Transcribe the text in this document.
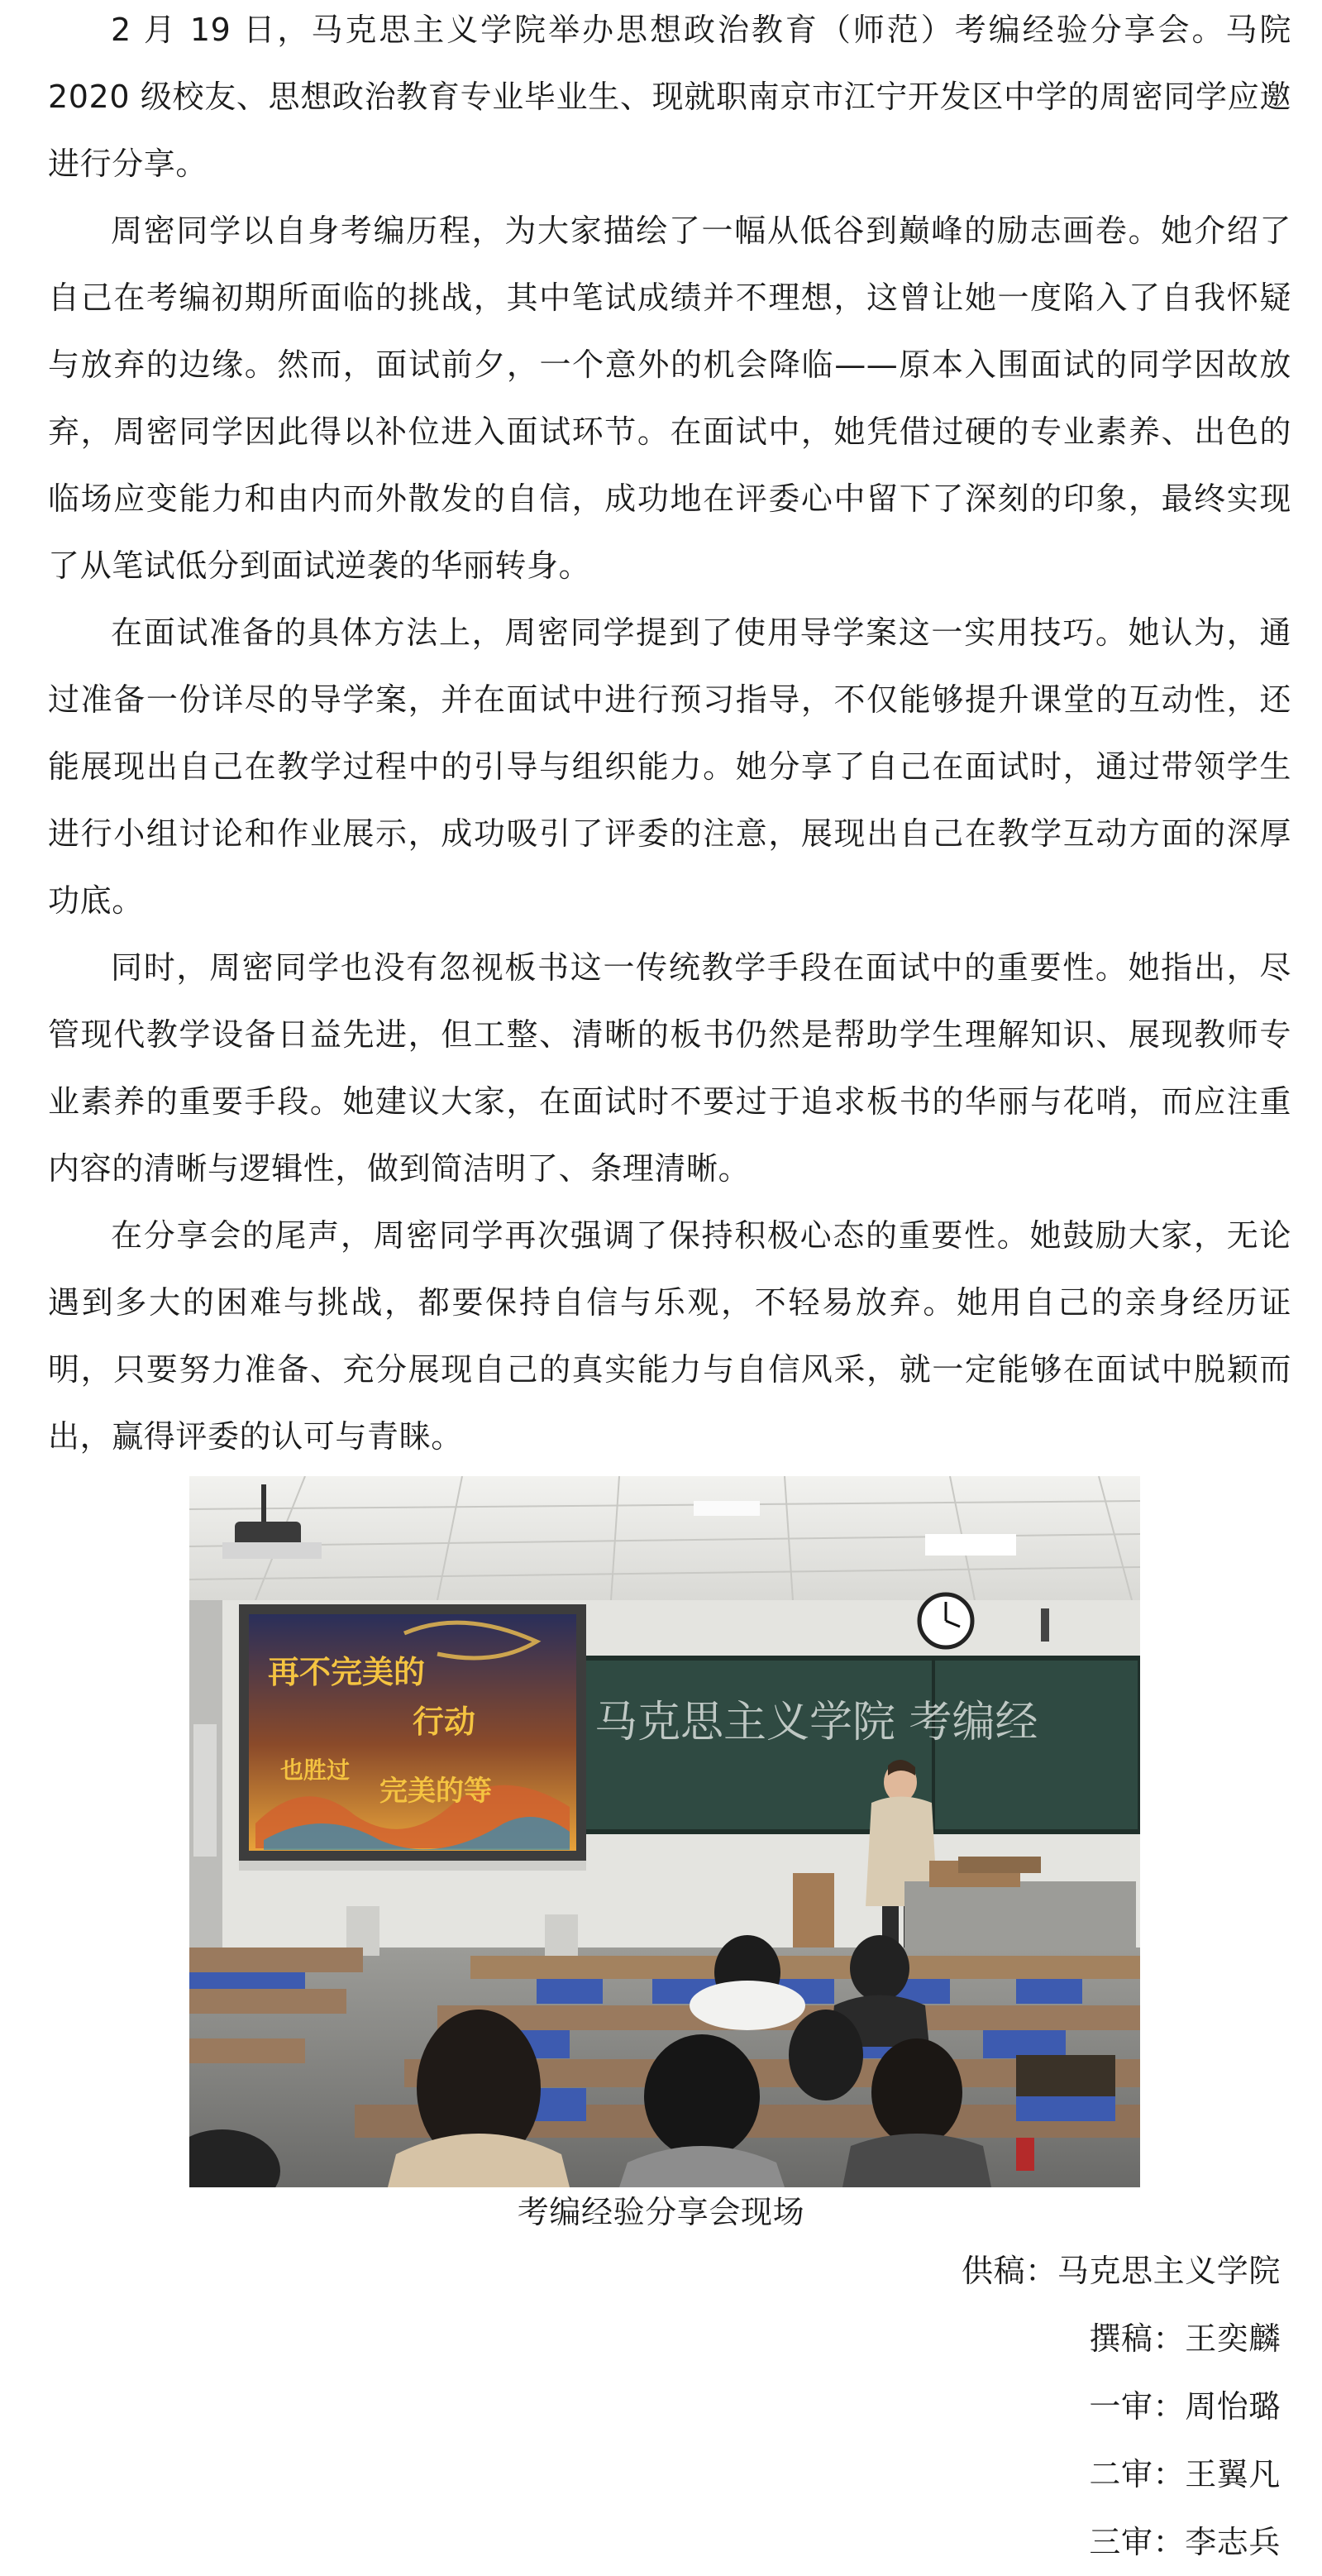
2 月 19 日，马克思主义学院举办思想政治教育（师范）考编经验分享会。马院 2020 级校友、思想政治教育专业毕业生、现就职南京市江宁开发区中学的周密同学应邀进行分享。

周密同学以自身考编历程，为大家描绘了一幅从低谷到巅峰的励志画卷。她介绍了自己在考编初期所面临的挑战，其中笔试成绩并不理想，这曾让她一度陷入了自我怀疑与放弃的边缘。然而，面试前夕，一个意外的机会降临——原本入围面试的同学因故放弃，周密同学因此得以补位进入面试环节。在面试中，她凭借过硬的专业素养、出色的临场应变能力和由内而外散发的自信，成功地在评委心中留下了深刻的印象，最终实现了从笔试低分到面试逆袭的华丽转身。

在面试准备的具体方法上，周密同学提到了使用导学案这一实用技巧。她认为，通过准备一份详尽的导学案，并在面试中进行预习指导，不仅能够提升课堂的互动性，还能展现出自己在教学过程中的引导与组织能力。她分享了自己在面试时，通过带领学生进行小组讨论和作业展示，成功吸引了评委的注意，展现出自己在教学互动方面的深厚功底。

同时，周密同学也没有忽视板书这一传统教学手段在面试中的重要性。她指出，尽管现代教学设备日益先进，但工整、清晰的板书仍然是帮助学生理解知识、展现教师专业素养的重要手段。她建议大家，在面试时不要过于追求板书的华丽与花哨，而应注重内容的清晰与逻辑性，做到简洁明了、条理清晰。

在分享会的尾声，周密同学再次强调了保持积极心态的重要性。她鼓励大家，无论遇到多大的困难与挑战，都要保持自信与乐观，不轻易放弃。她用自己的亲身经历证明，只要努力准备、充分展现自己的真实能力与自信风采，就一定能够在面试中脱颖而出，赢得评委的认可与青睐。

马克思主义学院 考编经
再不完美的
行动
也胜过
完美的等
考编经验分享会现场
供稿：马克思主义学院
撰稿：王奕麟
一审：周怡璐
二审：王翼凡
三审：李志兵
